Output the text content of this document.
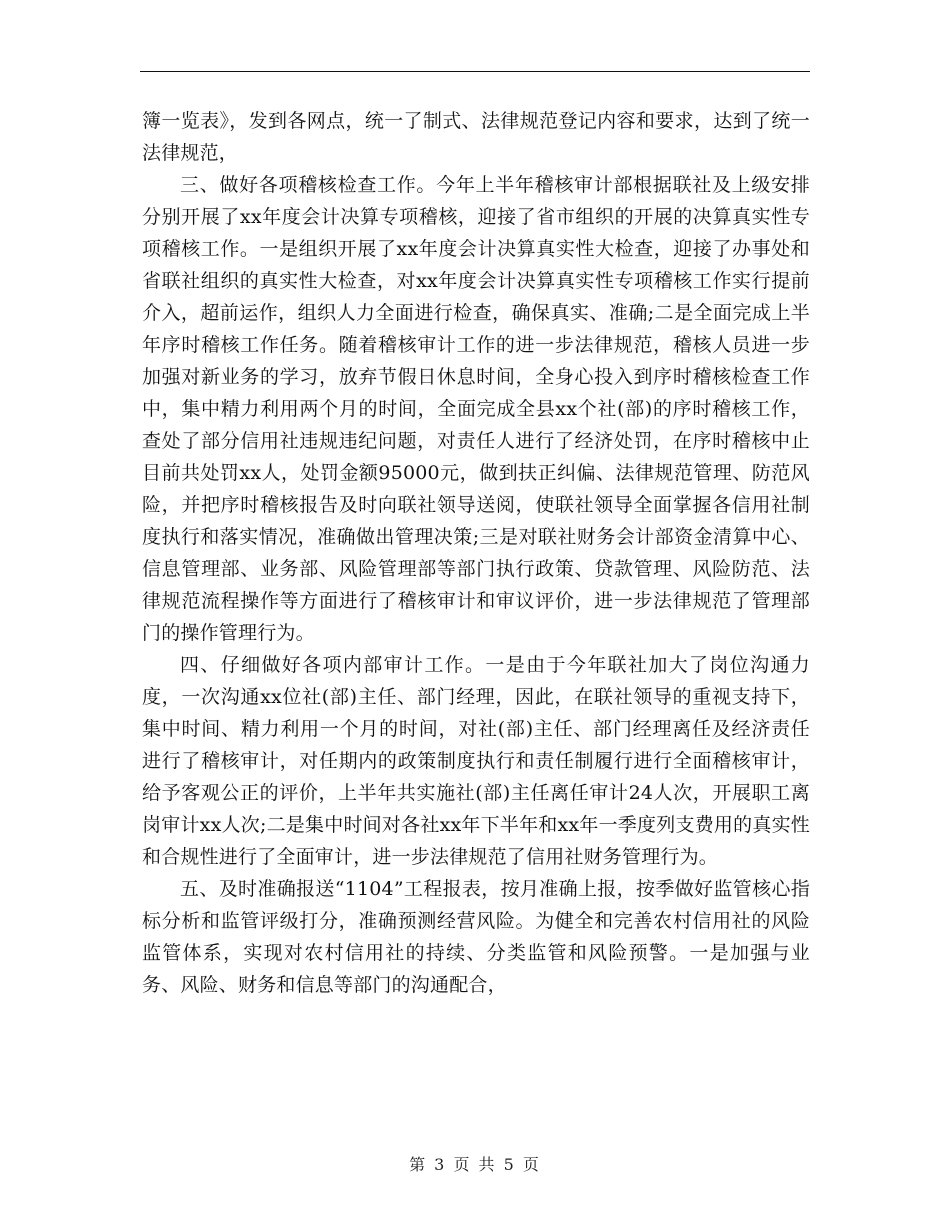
簿一览表》，发到各网点，统一了制式、法律规范登记内容和要求，达到了统一法律规范，

三、做好各项稽核检查工作。今年上半年稽核审计部根据联社及上级安排分别开展了xx年度会计决算专项稽核，迎接了省市组织的开展的决算真实性专项稽核工作。一是组织开展了xx年度会计决算真实性大检查，迎接了办事处和省联社组织的真实性大检查，对xx年度会计决算真实性专项稽核工作实行提前介入，超前运作，组织人力全面进行检查，确保真实、准确;二是全面完成上半年序时稽核工作任务。随着稽核审计工作的进一步法律规范，稽核人员进一步加强对新业务的学习，放弃节假日休息时间，全身心投入到序时稽核检查工作中，集中精力利用两个月的时间，全面完成全县xx个社(部)的序时稽核工作，查处了部分信用社违规违纪问题，对责任人进行了经济处罚，在序时稽核中止目前共处罚xx人，处罚金额95000元，做到扶正纠偏、法律规范管理、防范风险，并把序时稽核报告及时向联社领导送阅，使联社领导全面掌握各信用社制度执行和落实情况，准确做出管理决策;三是对联社财务会计部资金清算中心、信息管理部、业务部、风险管理部等部门执行政策、贷款管理、风险防范、法律规范流程操作等方面进行了稽核审计和审议评价，进一步法律规范了管理部门的操作管理行为。

四、仔细做好各项内部审计工作。一是由于今年联社加大了岗位沟通力度，一次沟通xx位社(部)主任、部门经理，因此，在联社领导的重视支持下，集中时间、精力利用一个月的时间，对社(部)主任、部门经理离任及经济责任进行了稽核审计，对任期内的政策制度执行和责任制履行进行全面稽核审计，给予客观公正的评价，上半年共实施社(部)主任离任审计24人次，开展职工离岗审计xx人次;二是集中时间对各社xx年下半年和xx年一季度列支费用的真实性和合规性进行了全面审计，进一步法律规范了信用社财务管理行为。

五、及时准确报送“1104”工程报表，按月准确上报，按季做好监管核心指标分析和监管评级打分，准确预测经营风险。为健全和完善农村信用社的风险监管体系，实现对农村信用社的持续、分类监管和风险预警。一是加强与业务、风险、财务和信息等部门的沟通配合，

第 3 页 共 5 页
